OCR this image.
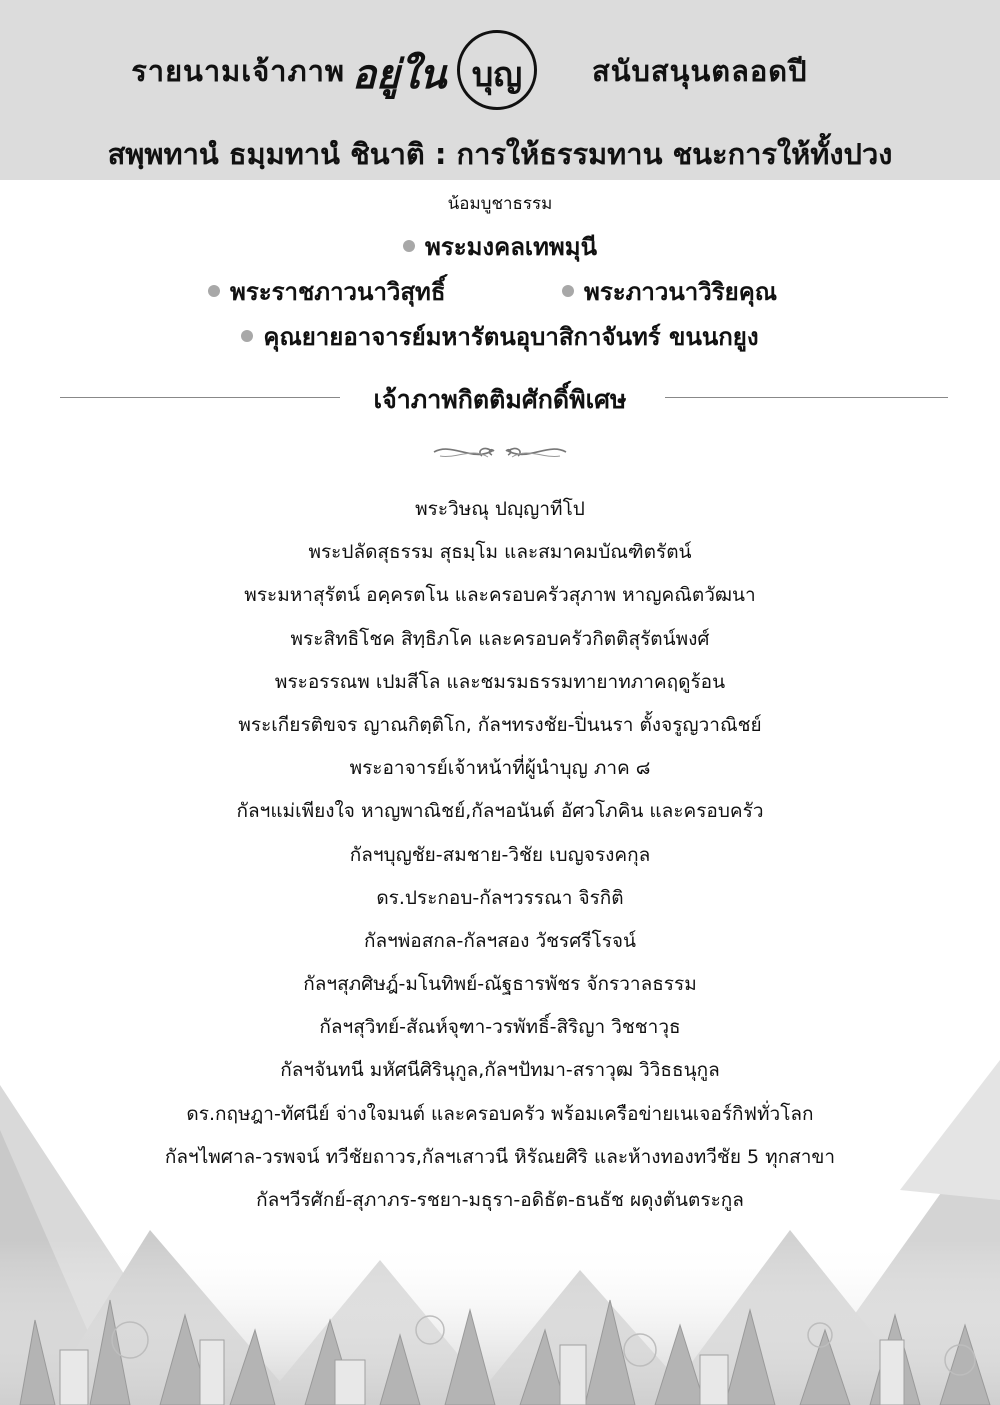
รายนามเจ้าภาพ อยู่ใน บุญ	สนับสนุนตลอดปี
สพฺพทานํ ธมฺมทานํ ชินาติ : การให้ธรรมทาน ชนะการให้ทั้งปวง
น้อมบูชาธรรม
พระมงคลเทพมุนี
พระราชภาวนาวิสุทธิ์	พระภาวนาวิริยคุณ
คุณยายอาจารย์มหารัตนอุบาสิกาจันทร์ ขนนกยูง
เจ้าภาพกิตติมศักดิ์พิเศษ
พระวิษณุ ปญฺญาทีโป
พระปลัดสุธรรม สุธมฺโม และสมาคมบัณฑิตรัตน์
พระมหาสุรัตน์ อคฺครตโน และครอบครัวสุภาพ หาญคณิตวัฒนา
พระสิทธิโชค สิทฺธิภโค และครอบครัวกิตติสุรัตน์พงศ์
พระอรรณพ เปมสีโล และชมรมธรรมทายาทภาคฤดูร้อน
พระเกียรติขจร ญาณกิตฺติโก, กัลฯทรงชัย-ปิ่นนรา ตั้งจรูญวาณิชย์
พระอาจารย์เจ้าหน้าที่ผู้นำบุญ ภาค ๘
กัลฯแม่เพียงใจ หาญพาณิชย์,กัลฯอนันต์ อัศวโภคิน และครอบครัว
กัลฯบุญชัย-สมชาย-วิชัย เบญจรงคกุล
ดร.ประกอบ-กัลฯวรรณา จิรกิติ
กัลฯพ่อสกล-กัลฯสอง วัชรศรีโรจน์
กัลฯสุภศิษฎ์-มโนทิพย์-ณัฐธารพัชร จักรวาลธรรม
กัลฯสุวิทย์-สัณห์จุฑา-วรพัทธิ์-สิริญา วิชชาวุธ
กัลฯจันทนี มหัศนีศิรินุกูล,กัลฯปัทมา-สราวุฒ วิวิธธนุกูล
ดร.กฤษฎา-ทัศนีย์ จ่างใจมนต์ และครอบครัว พร้อมเครือข่ายเนเจอร์กิฟทั่วโลก
กัลฯไพศาล-วรพจน์ ทวีชัยถาวร,กัลฯเสาวนี หิรัณยศิริ และห้างทองทวีชัย 5 ทุกสาขา
กัลฯวีรศักย์-สุภาภร-รชยา-มธุรา-อดิธัต-ธนธัช ผดุงตันตระกูล
